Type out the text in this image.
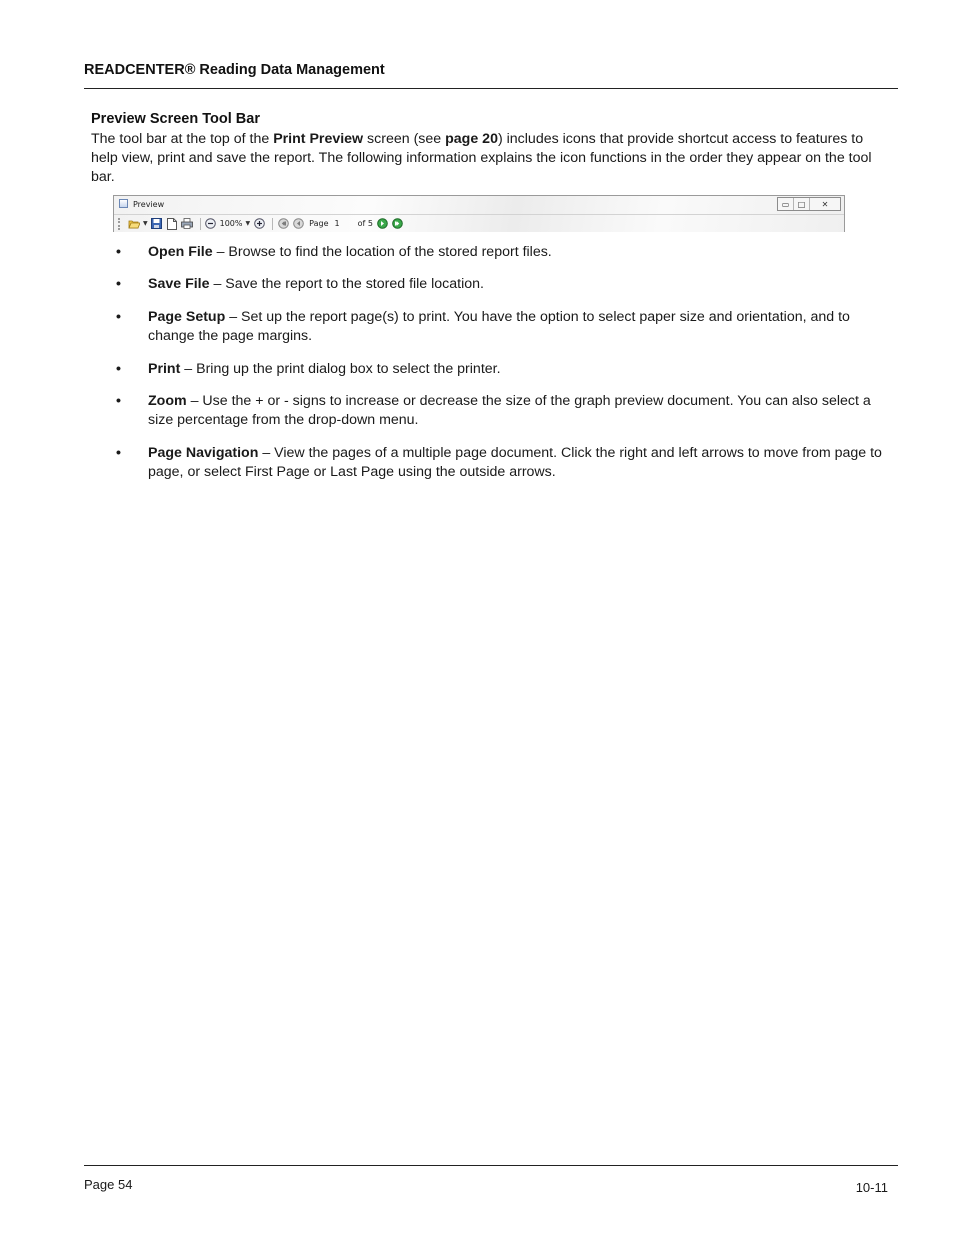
READCENTER® Reading Data Management
Preview Screen Tool Bar
The tool bar at the top of the Print Preview screen (see page 20) includes icons that provide shortcut access to features to help view, print and save the report. The following information explains the icon functions in the order they appear on the tool bar.
Preview	▭	□	✕
▼	100% ▼	Page 1 of 5
• Open File – Browse to find the location of the stored report files.
• Save File – Save the report to the stored file location.
• Page Setup – Set up the report page(s) to print. You have the option to select paper size and orientation, and to change the page margins.
• Print – Bring up the print dialog box to select the printer.
• Zoom – Use the + or - signs to increase or decrease the size of the graph preview document. You can also select a size percentage from the drop-down menu.
• Page Navigation – View the pages of a multiple page document. Click the right and left arrows to move from page to page, or select First Page or Last Page using the outside arrows.
Page 54	10-11
